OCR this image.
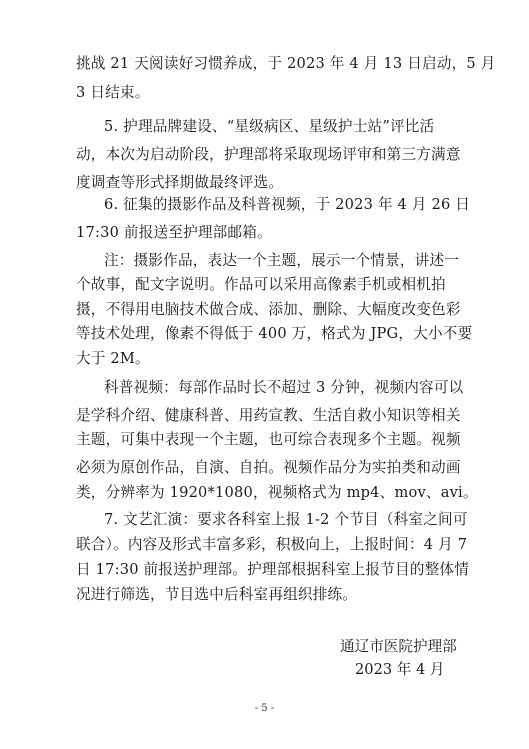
挑战 21 天阅读好习惯养成，于 2023 年 4 月 13 日启动，5 月
3 日结束。
5. 护理品牌建设、“星级病区、星级护士站”评比活
动，本次为启动阶段，护理部将采取现场评审和第三方满意
度调查等形式择期做最终评选。
6. 征集的摄影作品及科普视频，于 2023 年 4 月 26 日
17:30 前报送至护理部邮箱。
注：摄影作品，表达一个主题，展示一个情景，讲述一
个故事，配文字说明。作品可以采用高像素手机或相机拍
摄，不得用电脑技术做合成、添加、删除、大幅度改变色彩
等技术处理，像素不得低于 400 万，格式为 JPG，大小不要
大于 2M。
科普视频：每部作品时长不超过 3 分钟，视频内容可以
是学科介绍、健康科普、用药宣教、生活自救小知识等相关
主题，可集中表现一个主题，也可综合表现多个主题。视频
必须为原创作品，自演、自拍。视频作品分为实拍类和动画
类，分辨率为 1920*1080，视频格式为 mp4、mov、avi。
7. 文艺汇演：要求各科室上报 1-2 个节目（科室之间可
联合）。内容及形式丰富多彩，积极向上，上报时间：4 月 7
日 17:30 前报送护理部。护理部根据科室上报节目的整体情
况进行筛选，节目选中后科室再组织排练。
通辽市医院护理部
2023 年 4 月
- 5 -
